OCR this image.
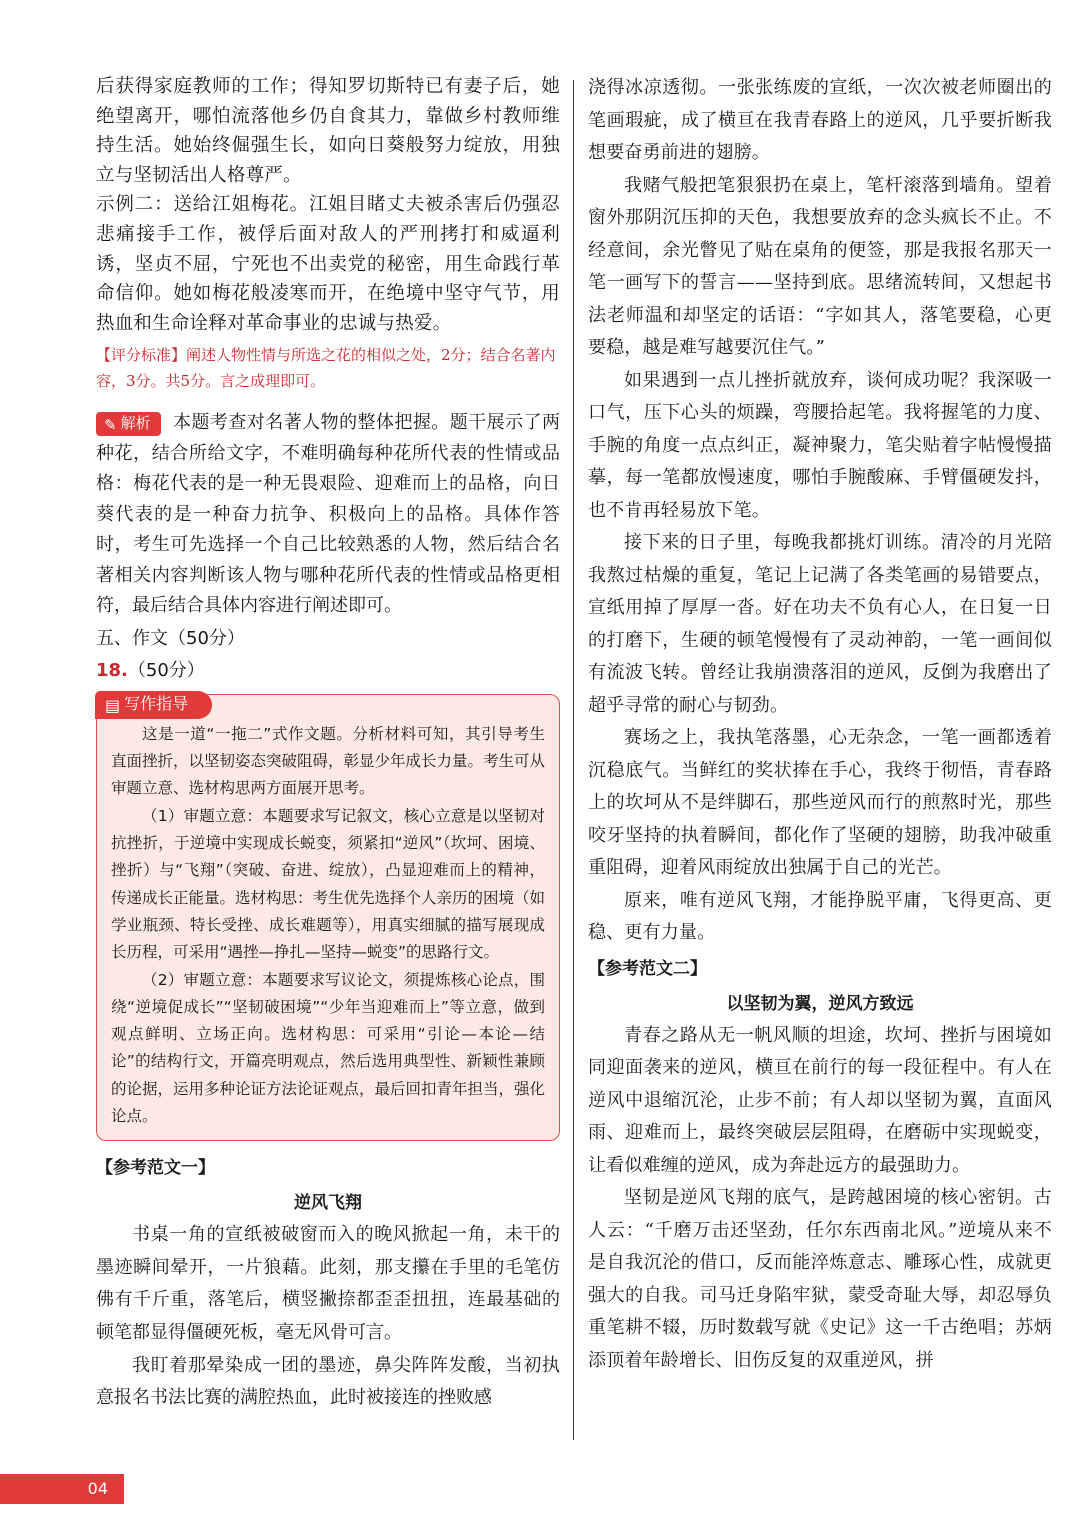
后获得家庭教师的工作；得知罗切斯特已有妻子后，她绝望离开，哪怕流落他乡仍自食其力，靠做乡村教师维持生活。她始终倔强生长，如向日葵般努力绽放，用独立与坚韧活出人格尊严。

示例二：送给江姐梅花。江姐目睹丈夫被杀害后仍强忍悲痛接手工作，被俘后面对敌人的严刑拷打和威逼利诱，坚贞不屈，宁死也不出卖党的秘密，用生命践行革命信仰。她如梅花般凌寒而开，在绝境中坚守气节，用热血和生命诠释对革命事业的忠诚与热爱。

【评分标准】阐述人物性情与所选之花的相似之处，2分；结合名著内容，3分。共5分。言之成理即可。

✎ 解析 本题考查对名著人物的整体把握。题干展示了两种花，结合所给文字，不难明确每种花所代表的性情或品格：梅花代表的是一种无畏艰险、迎难而上的品格，向日葵代表的是一种奋力抗争、积极向上的品格。具体作答时，考生可先选择一个自己比较熟悉的人物，然后结合名著相关内容判断该人物与哪种花所代表的性情或品格更相符，最后结合具体内容进行阐述即可。

五、作文（50分）

18.（50分）

▤ 写作指导

这是一道“一拖二”式作文题。分析材料可知，其引导考生直面挫折，以坚韧姿态突破阻碍，彰显少年成长力量。考生可从审题立意、选材构思两方面展开思考。

（1）审题立意：本题要求写记叙文，核心立意是以坚韧对抗挫折，于逆境中实现成长蜕变，须紧扣“逆风”（坎坷、困境、挫折）与“飞翔”（突破、奋进、绽放），凸显迎难而上的精神，传递成长正能量。选材构思：考生优先选择个人亲历的困境（如学业瓶颈、特长受挫、成长难题等），用真实细腻的描写展现成长历程，可采用“遇挫—挣扎—坚持—蜕变”的思路行文。

（2）审题立意：本题要求写议论文，须提炼核心论点，围绕“逆境促成长”“坚韧破困境”“少年当迎难而上”等立意，做到观点鲜明、立场正向。选材构思：可采用“引论—本论—结论”的结构行文，开篇亮明观点，然后选用典型性、新颖性兼顾的论据，运用多种论证方法论证观点，最后回扣青年担当，强化论点。

【参考范文一】

逆风飞翔

书桌一角的宣纸被破窗而入的晚风掀起一角，未干的墨迹瞬间晕开，一片狼藉。此刻，那支攥在手里的毛笔仿佛有千斤重，落笔后，横竖撇捺都歪歪扭扭，连最基础的顿笔都显得僵硬死板，毫无风骨可言。

我盯着那晕染成一团的墨迹，鼻尖阵阵发酸，当初执意报名书法比赛的满腔热血，此时被接连的挫败感

浇得冰凉透彻。一张张练废的宣纸，一次次被老师圈出的笔画瑕疵，成了横亘在我青春路上的逆风，几乎要折断我想要奋勇前进的翅膀。

我赌气般把笔狠狠扔在桌上，笔杆滚落到墙角。望着窗外那阴沉压抑的天色，我想要放弃的念头疯长不止。不经意间，余光瞥见了贴在桌角的便签，那是我报名那天一笔一画写下的誓言——坚持到底。思绪流转间，又想起书法老师温和却坚定的话语：“字如其人，落笔要稳，心更要稳，越是难写越要沉住气。”

如果遇到一点儿挫折就放弃，谈何成功呢？我深吸一口气，压下心头的烦躁，弯腰拾起笔。我将握笔的力度、手腕的角度一点点纠正，凝神聚力，笔尖贴着字帖慢慢描摹，每一笔都放慢速度，哪怕手腕酸麻、手臂僵硬发抖，也不肯再轻易放下笔。

接下来的日子里，每晚我都挑灯训练。清冷的月光陪我熬过枯燥的重复，笔记上记满了各类笔画的易错要点，宣纸用掉了厚厚一沓。好在功夫不负有心人，在日复一日的打磨下，生硬的顿笔慢慢有了灵动神韵，一笔一画间似有流波飞转。曾经让我崩溃落泪的逆风，反倒为我磨出了超乎寻常的耐心与韧劲。

赛场之上，我执笔落墨，心无杂念，一笔一画都透着沉稳底气。当鲜红的奖状捧在手心，我终于彻悟，青春路上的坎坷从不是绊脚石，那些逆风而行的煎熬时光，那些咬牙坚持的执着瞬间，都化作了坚硬的翅膀，助我冲破重重阻碍，迎着风雨绽放出独属于自己的光芒。

原来，唯有逆风飞翔，才能挣脱平庸，飞得更高、更稳、更有力量。

【参考范文二】

以坚韧为翼，逆风方致远

青春之路从无一帆风顺的坦途，坎坷、挫折与困境如同迎面袭来的逆风，横亘在前行的每一段征程中。有人在逆风中退缩沉沦，止步不前；有人却以坚韧为翼，直面风雨、迎难而上，最终突破层层阻碍，在磨砺中实现蜕变，让看似难缠的逆风，成为奔赴远方的最强助力。

坚韧是逆风飞翔的底气，是跨越困境的核心密钥。古人云：“千磨万击还坚劲，任尔东西南北风。”逆境从来不是自我沉沦的借口，反而能淬炼意志、雕琢心性，成就更强大的自我。司马迁身陷牢狱，蒙受奇耻大辱，却忍辱负重笔耕不辍，历时数载写就《史记》这一千古绝唱；苏炳添顶着年龄增长、旧伤反复的双重逆风，拼

04
